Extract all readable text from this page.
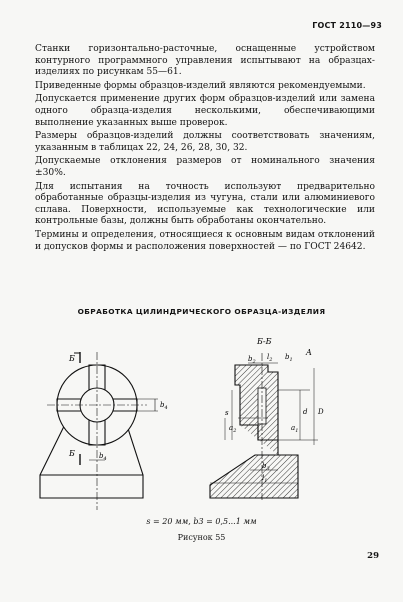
ГОСТ 2110—93

Станки горизонтально-расточные, оснащенные устройством контурного программного управления испытывают на образцах-изделиях по рисункам 55—61.

Приведенные формы образцов-изделий являются рекомендуемыми.

Допускается применение других форм образцов-изделий или замена одного образца-изделия несколькими, обеспечивающими выполнение указанных выше проверок.

Размеры образцов-изделий должны соответствовать значениям, указанным в таблицах 22, 24, 26, 28, 30, 32.

Допускаемые отклонения размеров от номинального значения ±30%.

Для испытания на точность используют предварительно обработанные образцы-изделия из чугуна, стали или алюминиевого сплава. Поверхности, используемые как технологические или контрольные базы, должны быть обработаны окончательно.

Термины и определения, относящиеся к основным видам отклонений и допусков формы и расположения поверхностей — по ГОСТ 24642.

ОБРАБОТКА ЦИЛИНДРИЧЕСКОГО ОБРАЗЦА-ИЗДЕЛИЯ
Б
Б
$b_4$
$b_4$
Б-Б
$b_2$
$l_2$ $b_1$
A
s
$a_2$	$a_1$
d D
$b_3$
$l_1$
s = 20 мм, b3 = 0,5...1 мм
Рисунок 55
29
